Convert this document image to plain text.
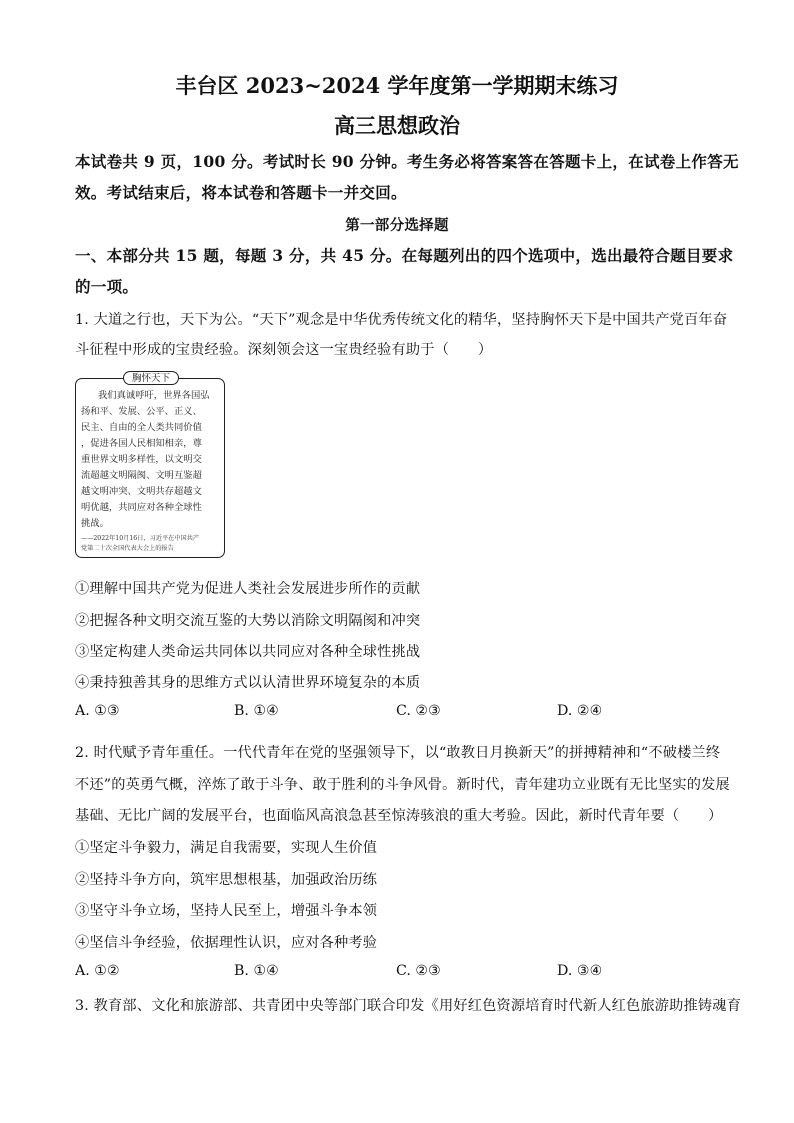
丰台区 2023~2024 学年度第一学期期末练习
高三思想政治
本试卷共 9 页，100 分。考试时长 90 分钟。考生务必将答案答在答题卡上，在试卷上作答无
效。考试结束后，将本试卷和答题卡一并交回。
第一部分选择题
一、本部分共 15 题，每题 3 分，共 45 分。在每题列出的四个选项中，选出最符合题目要求
的一项。
1. 大道之行也，天下为公。“天下”观念是中华优秀传统文化的精华，坚持胸怀天下是中国共产党百年奋
斗征程中形成的宝贵经验。深刻领会这一宝贵经验有助于（　　）
我们真诚呼吁，世界各国弘
扬和平、发展、公平、正义、
民主、自由的全人类共同价值
，促进各国人民相知相亲，尊
重世界文明多样性，以文明交
流超越文明隔阂、文明互鉴超
越文明冲突、文明共存超越文
明优越，共同应对各种全球性
挑战。
——2022年10月16日，习近平在中国共产
党第二十次全国代表大会上的报告
胸怀天下
①理解中国共产党为促进人类社会发展进步所作的贡献
②把握各种文明交流互鉴的大势以消除文明隔阂和冲突
③坚定构建人类命运共同体以共同应对各种全球性挑战
④秉持独善其身的思维方式以认清世界环境复杂的本质
A. ①③	B. ①④	C. ②③	D. ②④
2. 时代赋予青年重任。一代代青年在党的坚强领导下，以“敢教日月换新天”的拼搏精神和“不破楼兰终
不还”的英勇气概，淬炼了敢于斗争、敢于胜利的斗争风骨。新时代，青年建功立业既有无比坚实的发展
基础、无比广阔的发展平台，也面临风高浪急甚至惊涛骇浪的重大考验。因此，新时代青年要（　　）
①坚定斗争毅力，满足自我需要，实现人生价值
②坚持斗争方向，筑牢思想根基，加强政治历练
③坚守斗争立场，坚持人民至上，增强斗争本领
④坚信斗争经验，依据理性认识，应对各种考验
A. ①②	B. ①④	C. ②③	D. ③④
3. 教育部、文化和旅游部、共青团中央等部门联合印发《用好红色资源培育时代新人红色旅游助推铸魂育
